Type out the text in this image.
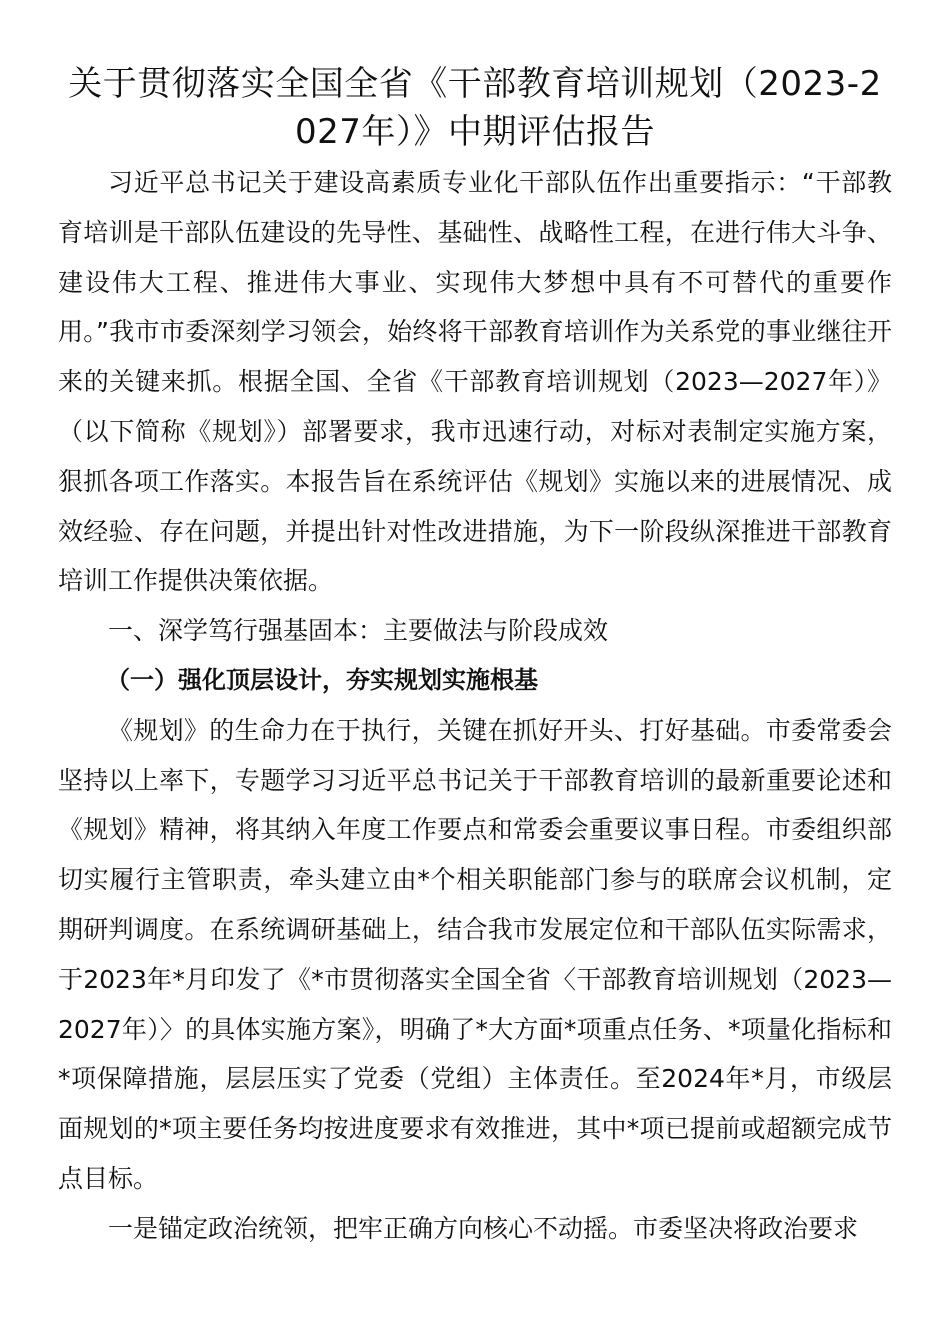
关于贯彻落实全国全省《干部教育培训规划（2023-2027年）》中期评估报告

习近平总书记关于建设高素质专业化干部队伍作出重要指示：“干部教育培训是干部队伍建设的先导性、基础性、战略性工程，在进行伟大斗争、建设伟大工程、推进伟大事业、实现伟大梦想中具有不可替代的重要作用。”我市市委深刻学习领会，始终将干部教育培训作为关系党的事业继往开来的关键来抓。根据全国、全省《干部教育培训规划（2023—2027年）》（以下简称《规划》）部署要求，我市迅速行动，对标对表制定实施方案，狠抓各项工作落实。本报告旨在系统评估《规划》实施以来的进展情况、成效经验、存在问题，并提出针对性改进措施，为下一阶段纵深推进干部教育培训工作提供决策依据。

一、深学笃行强基固本：主要做法与阶段成效

（一）强化顶层设计，夯实规划实施根基

《规划》的生命力在于执行，关键在抓好开头、打好基础。市委常委会坚持以上率下，专题学习习近平总书记关于干部教育培训的最新重要论述和《规划》精神，将其纳入年度工作要点和常委会重要议事日程。市委组织部切实履行主管职责，牵头建立由*个相关职能部门参与的联席会议机制，定期研判调度。在系统调研基础上，结合我市发展定位和干部队伍实际需求，于2023年*月印发了《*市贯彻落实全国全省〈干部教育培训规划（2023—2027年）〉的具体实施方案》，明确了*大方面*项重点任务、*项量化指标和*项保障措施，层层压实了党委（党组）主体责任。至2024年*月，市级层面规划的*项主要任务均按进度要求有效推进，其中*项已提前或超额完成节点目标。

一是锚定政治统领，把牢正确方向核心不动摇。市委坚决将政治要求
